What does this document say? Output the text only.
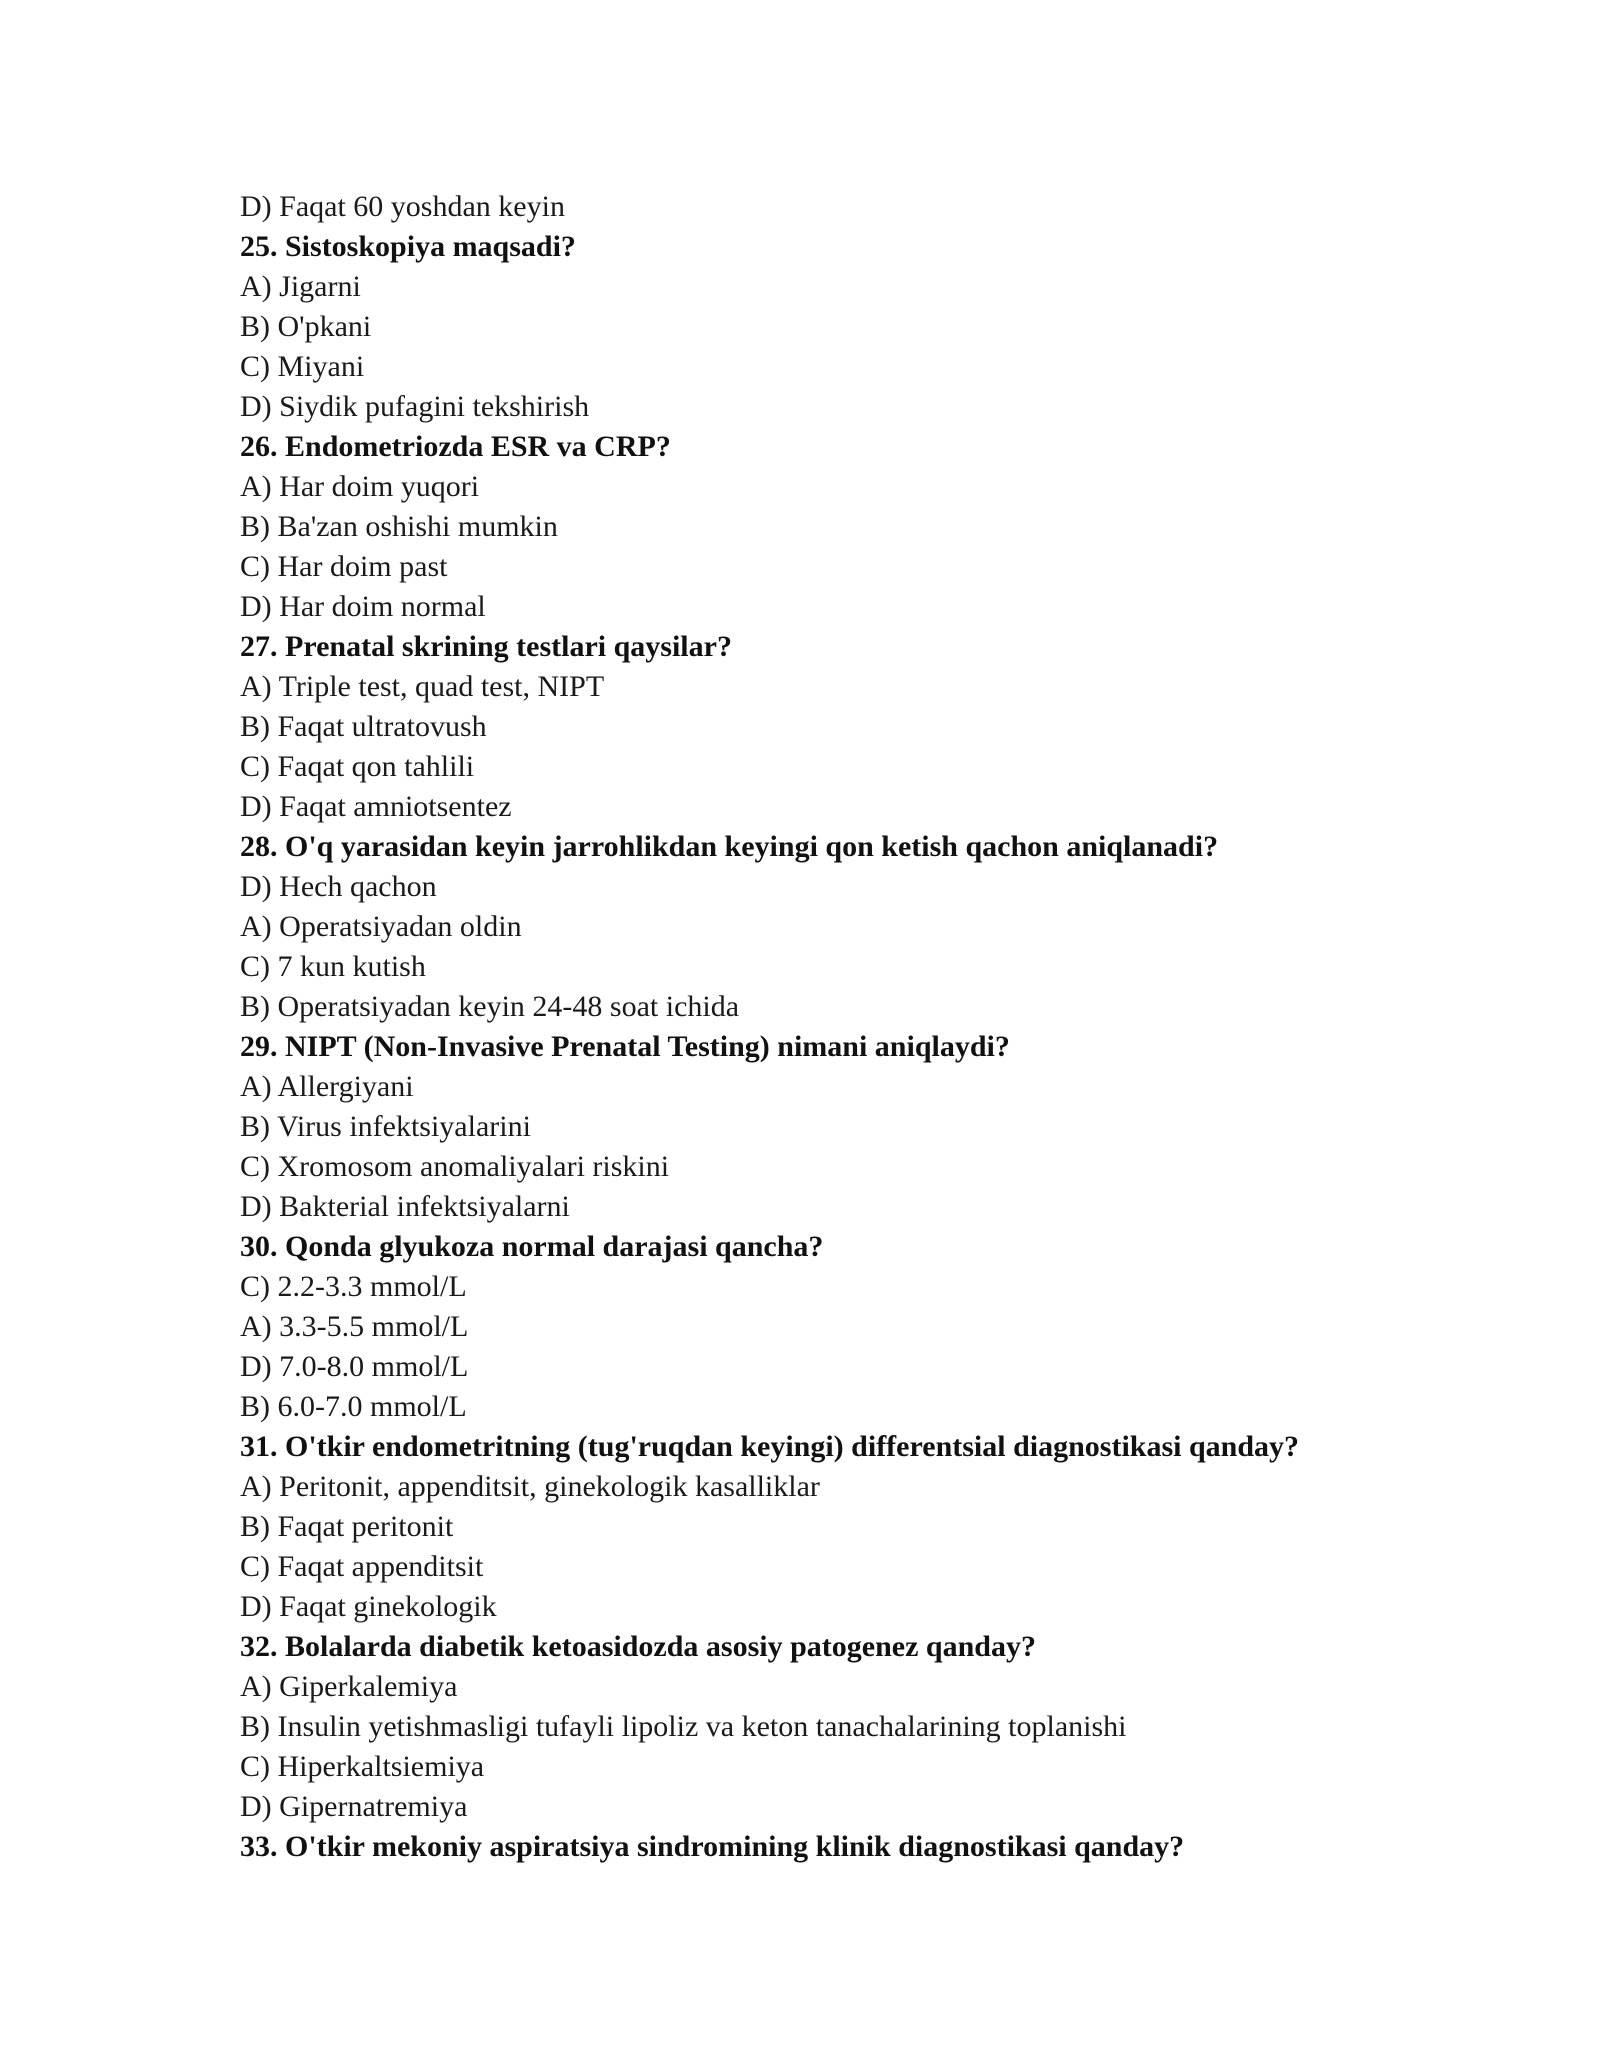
D) Faqat 60 yoshdan keyin
25. Sistoskopiya maqsadi?
A) Jigarni
B) O'pkani
C) Miyani
D) Siydik pufagini tekshirish
26. Endometriozda ESR va CRP?
A) Har doim yuqori
B) Ba'zan oshishi mumkin
C) Har doim past
D) Har doim normal
27. Prenatal skrining testlari qaysilar?
A) Triple test, quad test, NIPT
B) Faqat ultratovush
C) Faqat qon tahlili
D) Faqat amniotsentez
28. O'q yarasidan keyin jarrohlikdan keyingi qon ketish qachon aniqlanadi?
D) Hech qachon
A) Operatsiyadan oldin
C) 7 kun kutish
B) Operatsiyadan keyin 24-48 soat ichida
29. NIPT (Non-Invasive Prenatal Testing) nimani aniqlaydi?
A) Allergiyani
B) Virus infektsiyalarini
C) Xromosom anomaliyalari riskini
D) Bakterial infektsiyalarni
30. Qonda glyukoza normal darajasi qancha?
C) 2.2-3.3 mmol/L
A) 3.3-5.5 mmol/L
D) 7.0-8.0 mmol/L
B) 6.0-7.0 mmol/L
31. O'tkir endometritning (tug'ruqdan keyingi) differentsial diagnostikasi qanday?
A) Peritonit, appenditsit, ginekologik kasalliklar
B) Faqat peritonit
C) Faqat appenditsit
D) Faqat ginekologik
32. Bolalarda diabetik ketoasidozda asosiy patogenez qanday?
A) Giperkalemiya
B) Insulin yetishmasligi tufayli lipoliz va keton tanachalarining toplanishi
C) Hiperkaltsiemiya
D) Gipernatremiya
33. O'tkir mekoniy aspiratsiya sindromining klinik diagnostikasi qanday?
